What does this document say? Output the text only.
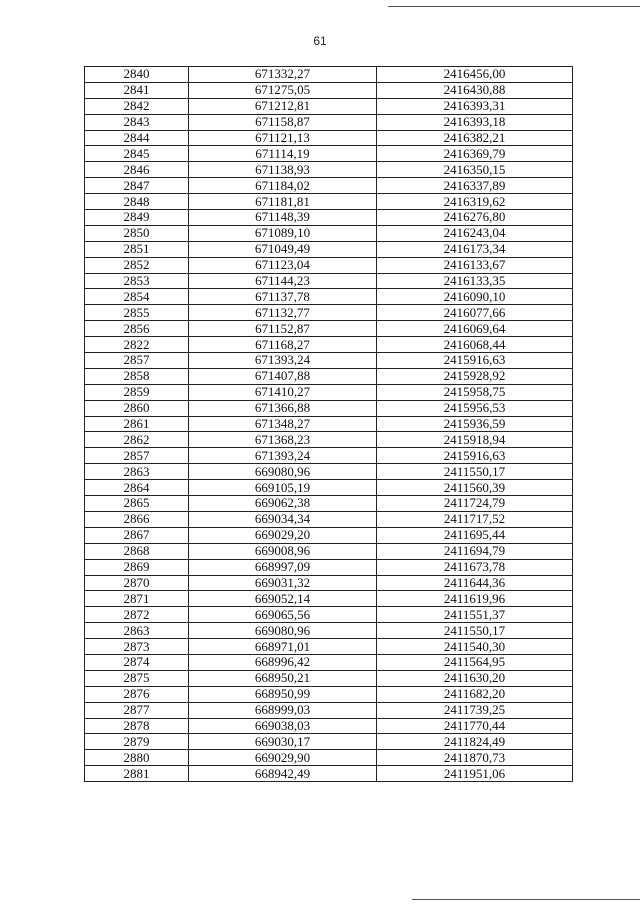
61
2840	671332,27	2416456,00
2841	671275,05	2416430,88
2842	671212,81	2416393,31
2843	671158,87	2416393,18
2844	671121,13	2416382,21
2845	671114,19	2416369,79
2846	671138,93	2416350,15
2847	671184,02	2416337,89
2848	671181,81	2416319,62
2849	671148,39	2416276,80
2850	671089,10	2416243,04
2851	671049,49	2416173,34
2852	671123,04	2416133,67
2853	671144,23	2416133,35
2854	671137,78	2416090,10
2855	671132,77	2416077,66
2856	671152,87	2416069,64
2822	671168,27	2416068,44
2857	671393,24	2415916,63
2858	671407,88	2415928,92
2859	671410,27	2415958,75
2860	671366,88	2415956,53
2861	671348,27	2415936,59
2862	671368,23	2415918,94
2857	671393,24	2415916,63
2863	669080,96	2411550,17
2864	669105,19	2411560,39
2865	669062,38	2411724,79
2866	669034,34	2411717,52
2867	669029,20	2411695,44
2868	669008,96	2411694,79
2869	668997,09	2411673,78
2870	669031,32	2411644,36
2871	669052,14	2411619,96
2872	669065,56	2411551,37
2863	669080,96	2411550,17
2873	668971,01	2411540,30
2874	668996,42	2411564,95
2875	668950,21	2411630,20
2876	668950,99	2411682,20
2877	668999,03	2411739,25
2878	669038,03	2411770,44
2879	669030,17	2411824,49
2880	669029,90	2411870,73
2881	668942,49	2411951,06
